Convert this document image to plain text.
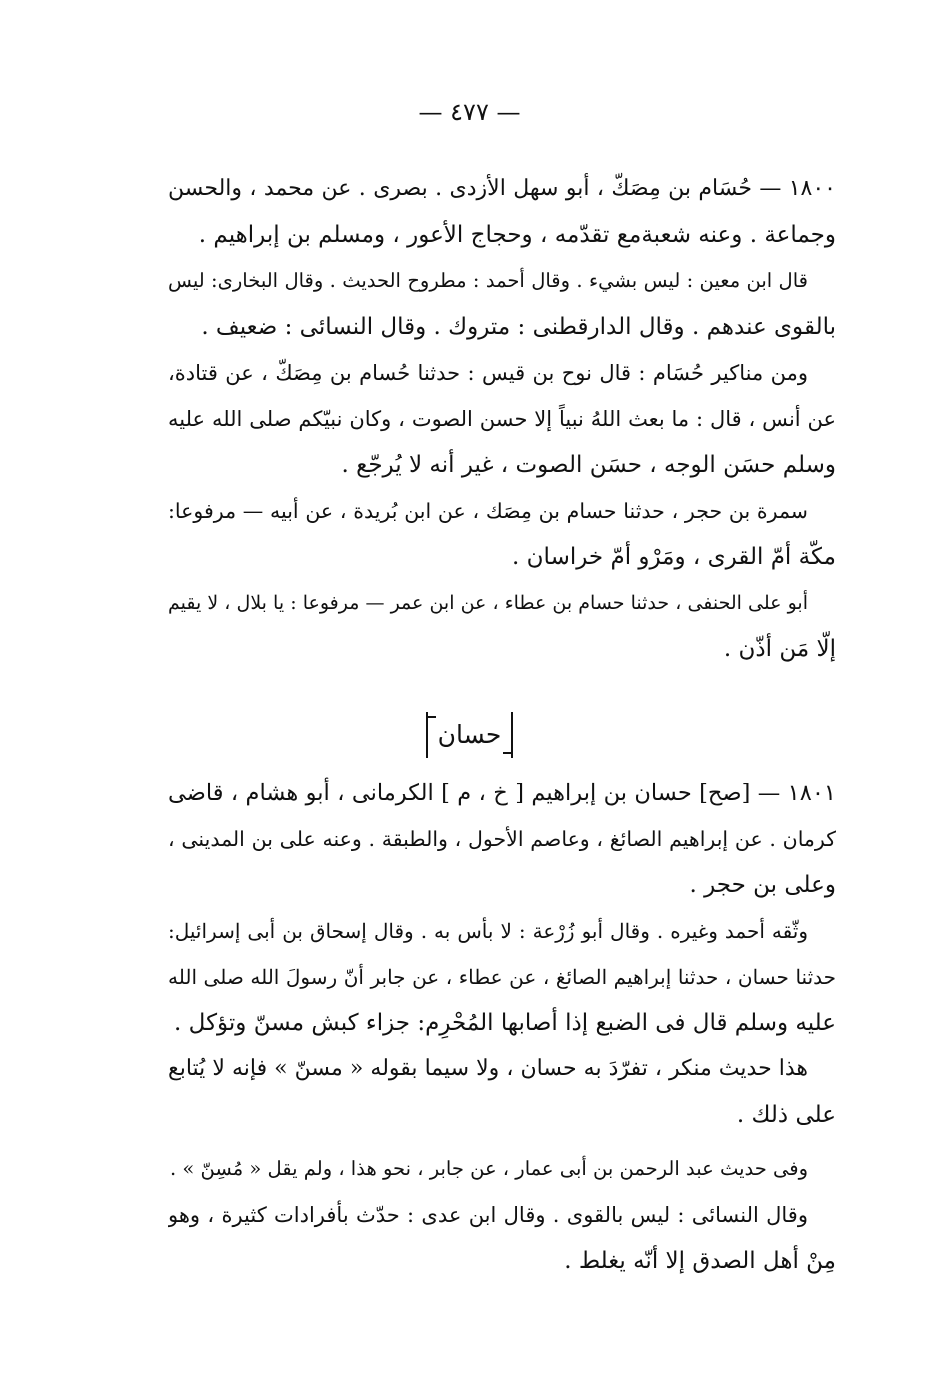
— ٤٧٧ —
١٨٠٠ — حُسَام بن مِصَكّ ، أبو سهل الأزدى . بصرى . عن محمد ، والحسن
وجماعة . وعنه شعبةمع تقدّمه ، وحجاج الأعور ، ومسلم بن إبراهيم .
قال ابن معين : ليس بشيء . وقال أحمد : مطروح الحديث . وقال البخارى: ليس
بالقوى عندهم . وقال الدارقطنى : متروك . وقال النسائى : ضعيف .
ومن مناكير حُسَام : قال نوح بن قيس : حدثنا حُسام بن مِصَكّ ، عن قتادة،
عن أنس ، قال : ما بعث اللهُ نبياً إلا حسن الصوت ، وكان نبيّكم صلى الله عليه
وسلم حسَن الوجه ، حسَن الصوت ، غير أنه لا يُرجّع .
سمرة بن حجر ، حدثنا حسام بن مِصَك ، عن ابن بُريدة ، عن أبيه — مرفوعا:
مكّة أمّ القرى ، ومَرْو أمّ خراسان .
أبو على الحنفى ، حدثنا حسام بن عطاء ، عن ابن عمر — مرفوعا : يا بلال ، لا يقيم
إلّا مَن أذّن .
حسان
١٨٠١ — [صح] حسان بن إبراهيم [ خ ، م ] الكرمانى ، أبو هشام ، قاضى
كرمان . عن إبراهيم الصائغ ، وعاصم الأحول ، والطبقة . وعنه على بن المدينى ،
وعلى بن حجر .
وثّقه أحمد وغيره . وقال أبو زُرْعة : لا بأس به . وقال إسحاق بن أبى إسرائيل:
حدثنا حسان ، حدثنا إبراهيم الصائغ ، عن عطاء ، عن جابر أنّ رسولَ الله صلى الله
عليه وسلم قال فى الضبع إذا أصابها المُحْرِم: جزاء كبش مسنّ وتؤكل .
هذا حديث منكر ، تفرّدَ به حسان ، ولا سيما بقوله « مسنّ » فإنه لا يُتابع
على ذلك .
وفى حديث عبد الرحمن بن أبى عمار ، عن جابر ، نحو هذا ، ولم يقل « مُسِنّ » .
وقال النسائى : ليس بالقوى . وقال ابن عدى : حدّث بأفرادات كثيرة ، وهو
مِنْ أهل الصدق إلا أنّه يغلط .
